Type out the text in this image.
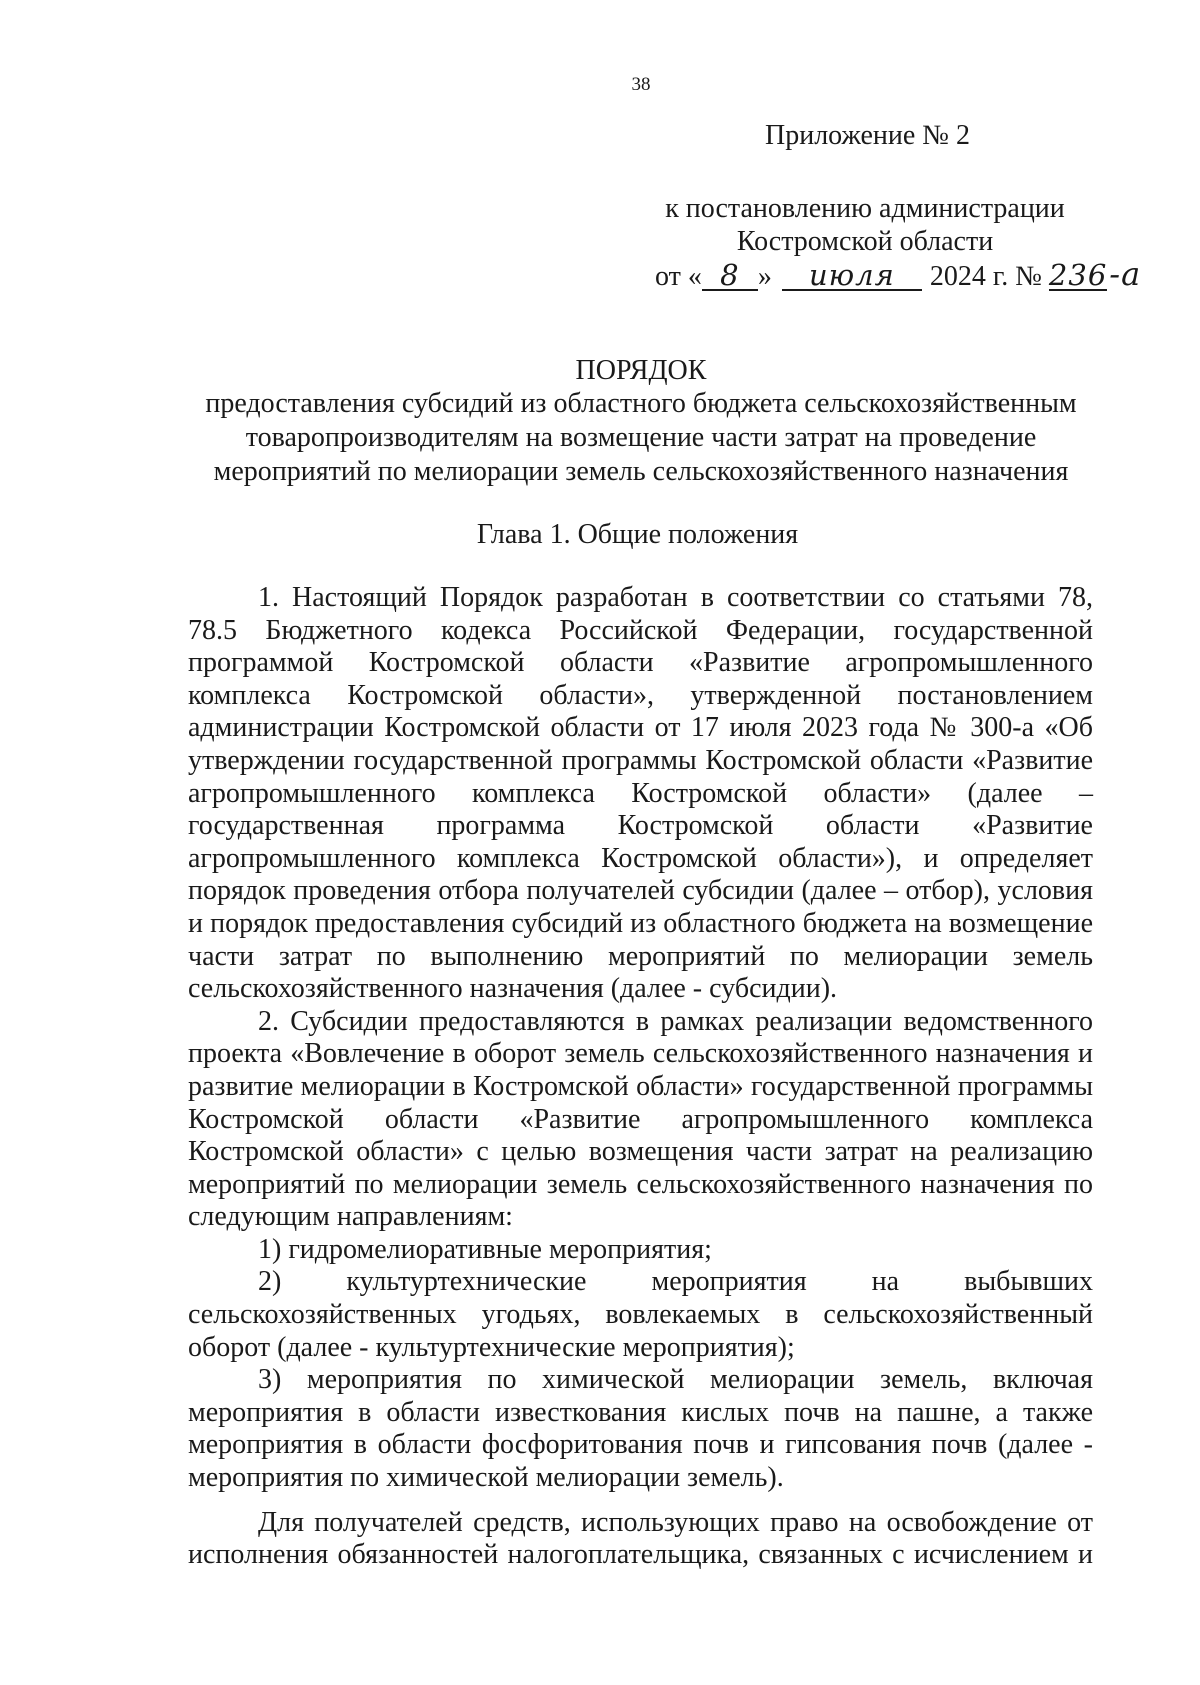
38
Приложение № 2
к постановлению администрации
Костромской области
от « 8 » июля 2024 г. № 236-а
ПОРЯДОК
предоставления субсидий из областного бюджета сельскохозяйственным
товаропроизводителям на возмещение части затрат на проведение
мероприятий по мелиорации земель сельскохозяйственного назначения
Глава 1. Общие положения

1. Настоящий Порядок разработан в соответствии со статьями 78, 78.5 Бюджетного кодекса Российской Федерации, государственной программой Костромской области «Развитие агропромышленного комплекса Костромской области», утвержденной постановлением администрации Костромской области от 17 июля 2023 года № 300-а «Об утверждении государственной программы Костромской области «Развитие агропромышленного комплекса Костромской области» (далее – государственная программа Костромской области «Развитие агропромышленного комплекса Костромской области»), и определяет порядок проведения отбора получателей субсидии (далее – отбор), условия и порядок предоставления субсидий из областного бюджета на возмещение части затрат по выполнению мероприятий по мелиорации земель сельскохозяйственного назначения (далее - субсидии).

2. Субсидии предоставляются в рамках реализации ведомственного проекта «Вовлечение в оборот земель сельскохозяйственного назначения и развитие мелиорации в Костромской области» государственной программы Костромской области «Развитие агропромышленного комплекса Костромской области» с целью возмещения части затрат на реализацию мероприятий по мелиорации земель сельскохозяйственного назначения по следующим направлениям:

1) гидромелиоративные мероприятия;

2) культуртехнические мероприятия на выбывших сельскохозяйственных угодьях, вовлекаемых в сельскохозяйственный оборот (далее - культуртехнические мероприятия);

3) мероприятия по химической мелиорации земель, включая мероприятия в области известкования кислых почв на пашне, а также мероприятия в области фосфоритования почв и гипсования почв (далее - мероприятия по химической мелиорации земель).

Для получателей средств, использующих право на освобождение от исполнения обязанностей налогоплательщика, связанных с исчислением и
